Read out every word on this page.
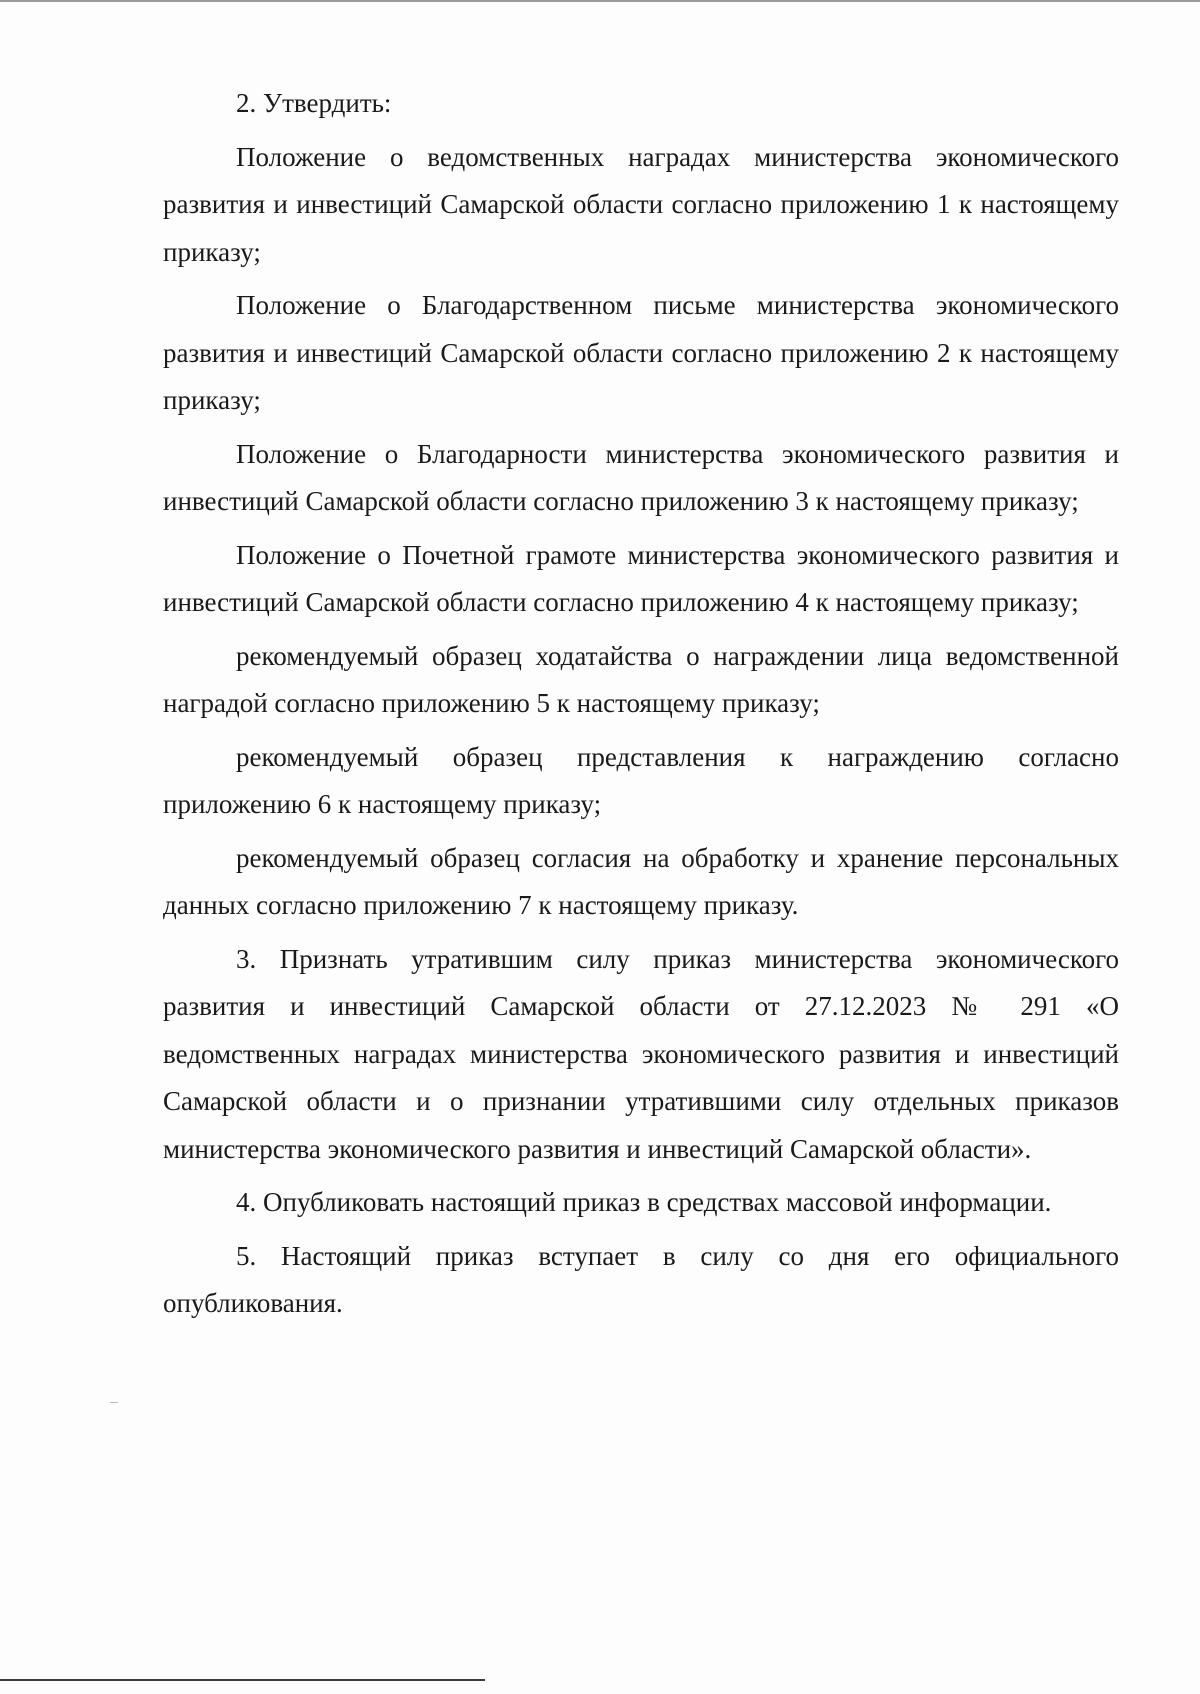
2. Утвердить:

Положение о ведомственных наградах министерства экономического развития и инвестиций Самарской области согласно приложению 1 к настоящему приказу;

Положение о Благодарственном письме министерства экономического развития и инвестиций Самарской области согласно приложению 2 к настоящему приказу;

Положение о Благодарности министерства экономического развития и инвестиций Самарской области согласно приложению 3 к настоящему приказу;

Положение о Почетной грамоте министерства экономического развития и инвестиций Самарской области согласно приложению 4 к настоящему приказу;

рекомендуемый образец ходатайства о награждении лица ведомственной наградой согласно приложению 5 к настоящему приказу;

рекомендуемый образец представления к награждению согласно приложению 6 к настоящему приказу;

рекомендуемый образец согласия на обработку и хранение персональных данных согласно приложению 7 к настоящему приказу.

3. Признать утратившим силу приказ министерства экономического развития и инвестиций Самарской области от 27.12.2023 № 291 «О ведомственных наградах министерства экономического развития и инвестиций Самарской области и о признании утратившими силу отдельных приказов министерства экономического развития и инвестиций Самарской области».

4. Опубликовать настоящий приказ в средствах массовой информации.

5. Настоящий приказ вступает в силу со дня его официального опубликования.
